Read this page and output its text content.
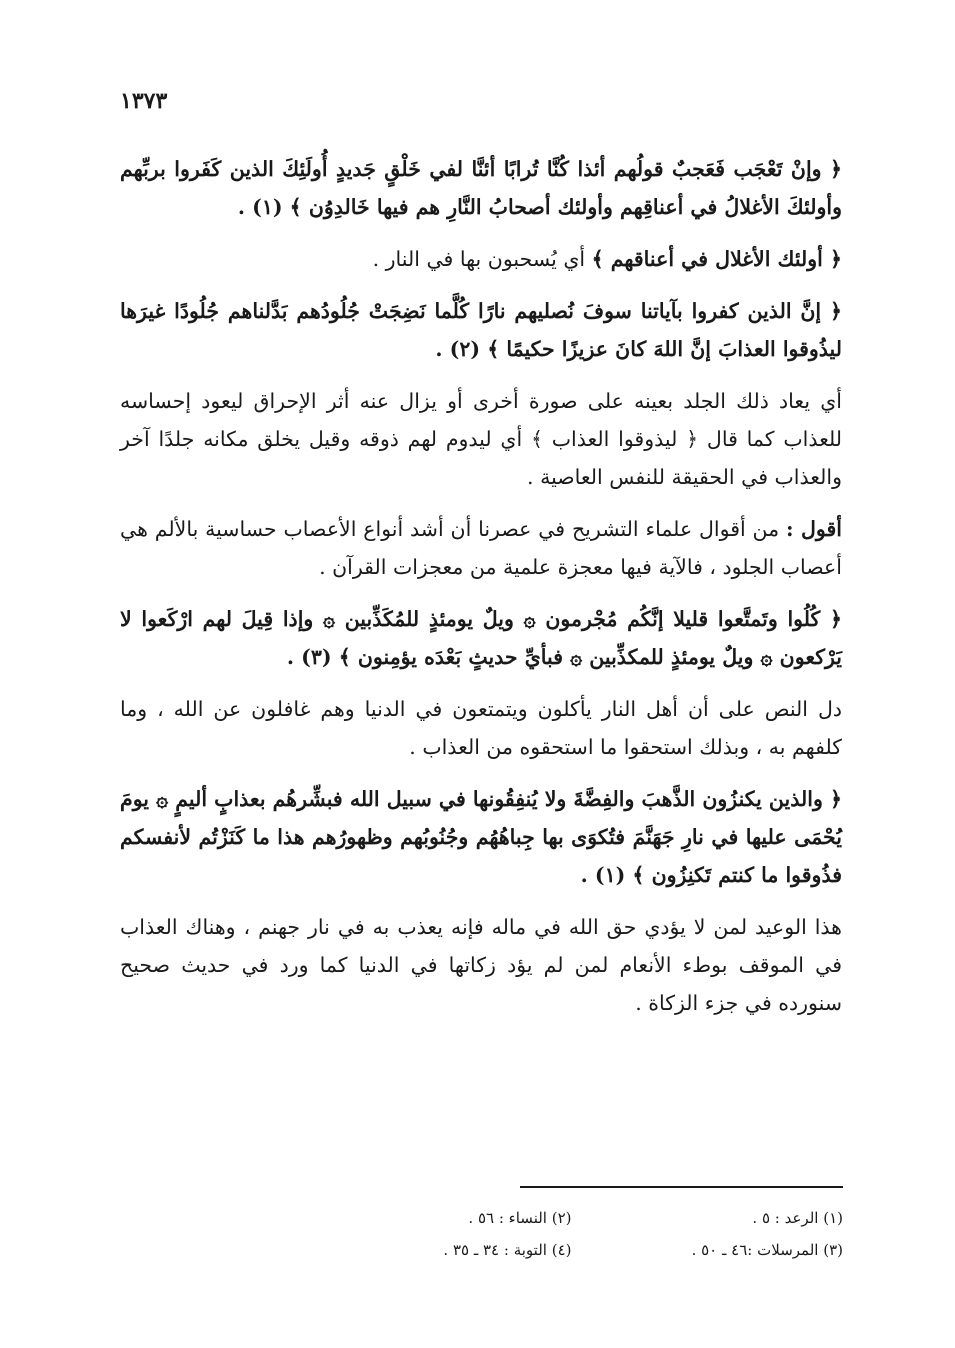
١٣٧٣

﴿ وإنْ تَعْجَب فَعَجبٌ قولُهم أئذا كُنَّا تُرابًا أئنَّا لفي خَلْقٍ جَديدٍ أُولَئِكَ الذين كَفَروا بربِّهم وأولئكَ الأغلالُ في أعناقِهم وأولئك أصحابُ النَّارِ هم فيها خَالدِوُن ﴾ (١) .

﴿ أولئك الأغلال في أعناقهم ﴾ أي يُسحبون بها في النار .

﴿ إنَّ الذين كفروا بآياتنا سوفَ نُصليهم نارًا كُلَّما نَضِجَتْ جُلُودُهم بَدَّلناهم جُلُودًا غيرَها ليذُوقوا العذابَ إنَّ اللهَ كانَ عزيزًا حكيمًا ﴾ (٢) .

أي يعاد ذلك الجلد بعينه على صورة أخرى أو يزال عنه أثر الإحراق ليعود إحساسه للعذاب كما قال ﴿ ليذوقوا العذاب ﴾ أي ليدوم لهم ذوقه وقيل يخلق مكانه جلدًا آخر والعذاب في الحقيقة للنفس العاصية .

أقول : من أقوال علماء التشريح في عصرنا أن أشد أنواع الأعصاب حساسية بالألم هي أعصاب الجلود ، فالآية فيها معجزة علمية من معجزات القرآن .

﴿ كُلُوا وتَمتَّعوا قليلا إنَّكُم مُجْرمون ۞ ويلٌ يومئذٍ للمُكَذِّبين ۞ وإذا قِيلَ لهم ارْكَعوا لا يَرْكعون ۞ ويلٌ يومئذٍ للمكذِّبين ۞ فبأيِّ حديثٍ بَعْدَه يؤمِنون ﴾ (٣) .

دل النص على أن أهل النار يأكلون ويتمتعون في الدنيا وهم غافلون عن الله ، وما كلفهم به ، وبذلك استحقوا ما استحقوه من العذاب .

﴿ والذين يكنزُون الذَّهبَ والفِضَّةَ ولا يُنفِقُونها في سبيل الله فبشِّرهُم بعذابٍ أليمٍ ۞ يومَ يُحْمَى عليها في نارِ جَهَنَّمَ فتُكوَى بها جِباهُهُم وجُنُوبُهم وظهورُهم هذا ما كَنَزْتُم لأنفسكم فذُوقوا ما كنتم تَكنِزُون ﴾ (١) .

هذا الوعيد لمن لا يؤدي حق الله في ماله فإنه يعذب به في نار جهنم ، وهناك العذاب في الموقف بوطء الأنعام لمن لم يؤد زكاتها في الدنيا كما ورد في حديث صحيح سنورده في جزء الزكاة .

(١) الرعد : ٥ .
(٢) النساء : ٥٦ .
(٣) المرسلات :٤٦ ـ ٥٠ .
(٤) التوبة : ٣٤ ـ ٣٥ .
